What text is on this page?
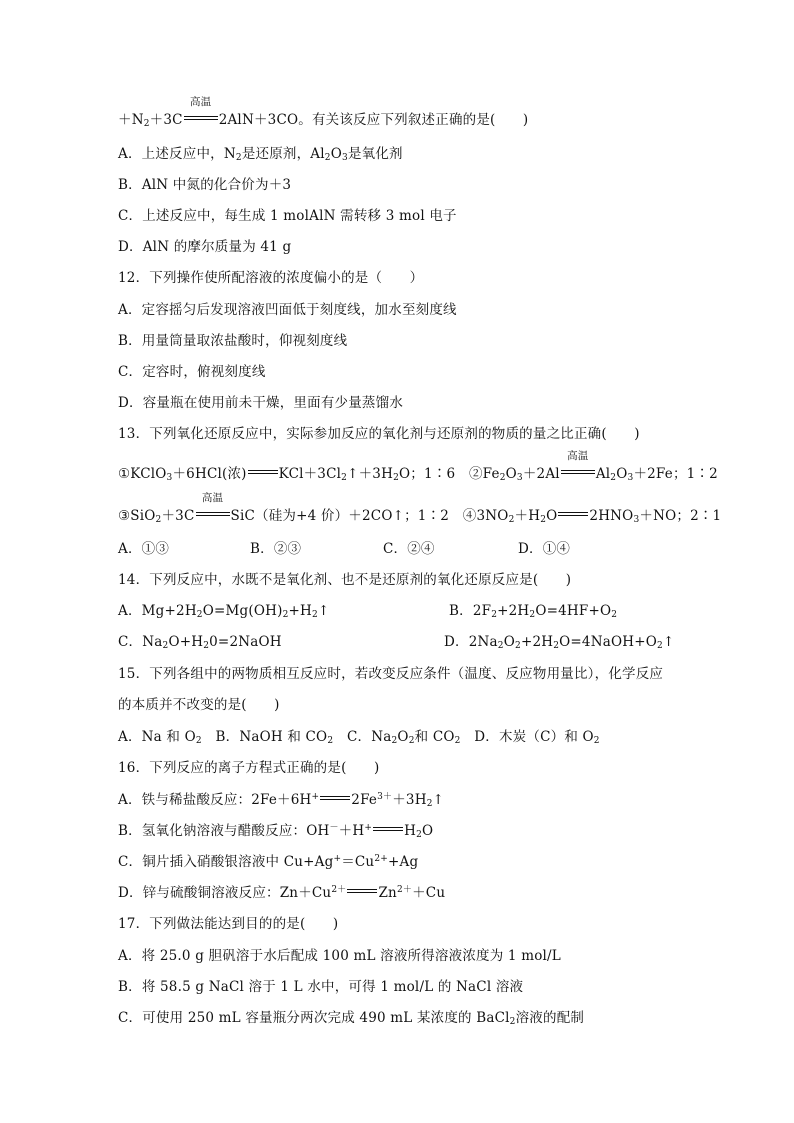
$+N_2+3C$
高温
2AlN＋3CO。有关该反应下列叙述正确的是(　　)
A．上述反应中，$N_2$是还原剂，$Al_2O_3$是氧化剂
B．AlN 中氮的化合价为＋3
C．上述反应中，每生成 1 molAlN 需转移 3 mol 电子
D．AlN 的摩尔质量为 41 g
12．下列操作使所配溶液的浓度偏小的是（　　）
A．定容摇匀后发现溶液凹面低于刻度线，加水至刻度线
B．用量筒量取浓盐酸时，仰视刻度线
C．定容时，俯视刻度线
D．容量瓶在使用前未干燥，里面有少量蒸馏水
13．下列氧化还原反应中，实际参加反应的氧化剂与还原剂的物质的量之比正确(　　)
①KClO$_3$＋6HCl(浓) $KCl+3Cl_2↑+3H_2O$；1∶6　$②Fe_2O_3+2Al$
高温
$Al_2O_3+2Fe$；1∶2
③SiO$_2$＋3C
高温
SiC（硅为+4 价）＋2CO↑；1∶2　$④3NO_2+H_2O$ $2HNO_3+NO$；2∶1
A．①③	B．②③	C．②④	D．①④
14．下列反应中，水既不是氧化剂、也不是还原剂的氧化还原反应是(　　)
A．$Mg+2H_2O=Mg(OH)_2+H_2↑$	B．$2F_2+2H_2O=4HF+O_2$
C．$Na_2O+H_20=2NaOH$	D．$2Na_2O_2+2H_2O=4NaOH+O_2↑$
15．下列各组中的两物质相互反应时，若改变反应条件（温度、反应物用量比），化学反应
的本质并不改变的是(　　)
A．Na 和 $O_2$　B．NaOH 和 $CO_2$　C．$Na_2O_2$和 $CO_2$　D．木炭（C）和 $O_2$
16．下列反应的离子方程式正确的是(　　)
A．铁与稀盐酸反应：2Fe＋6H+ $2Fe^{3+}+3H_2↑$
B．氢氧化钠溶液与醋酸反应：OH－＋H+ $H_2O$
C．铜片插入硝酸银溶液中 $Cu+Ag^+=Cu^{2+}+Ag$
D．锌与硫酸铜溶液反应：$Zn+Cu^{2+}$ $Zn^{2+}+Cu$
17．下列做法能达到目的的是(　　)
A．将 25.0 g 胆矾溶于水后配成 100 mL 溶液所得溶液浓度为 1 mol/L
B．将 58.5 g NaCl 溶于 1 L 水中，可得 1 mol/L 的 NaCl 溶液
C．可使用 250 mL 容量瓶分两次完成 490 mL 某浓度的 BaCl$_2$溶液的配制
